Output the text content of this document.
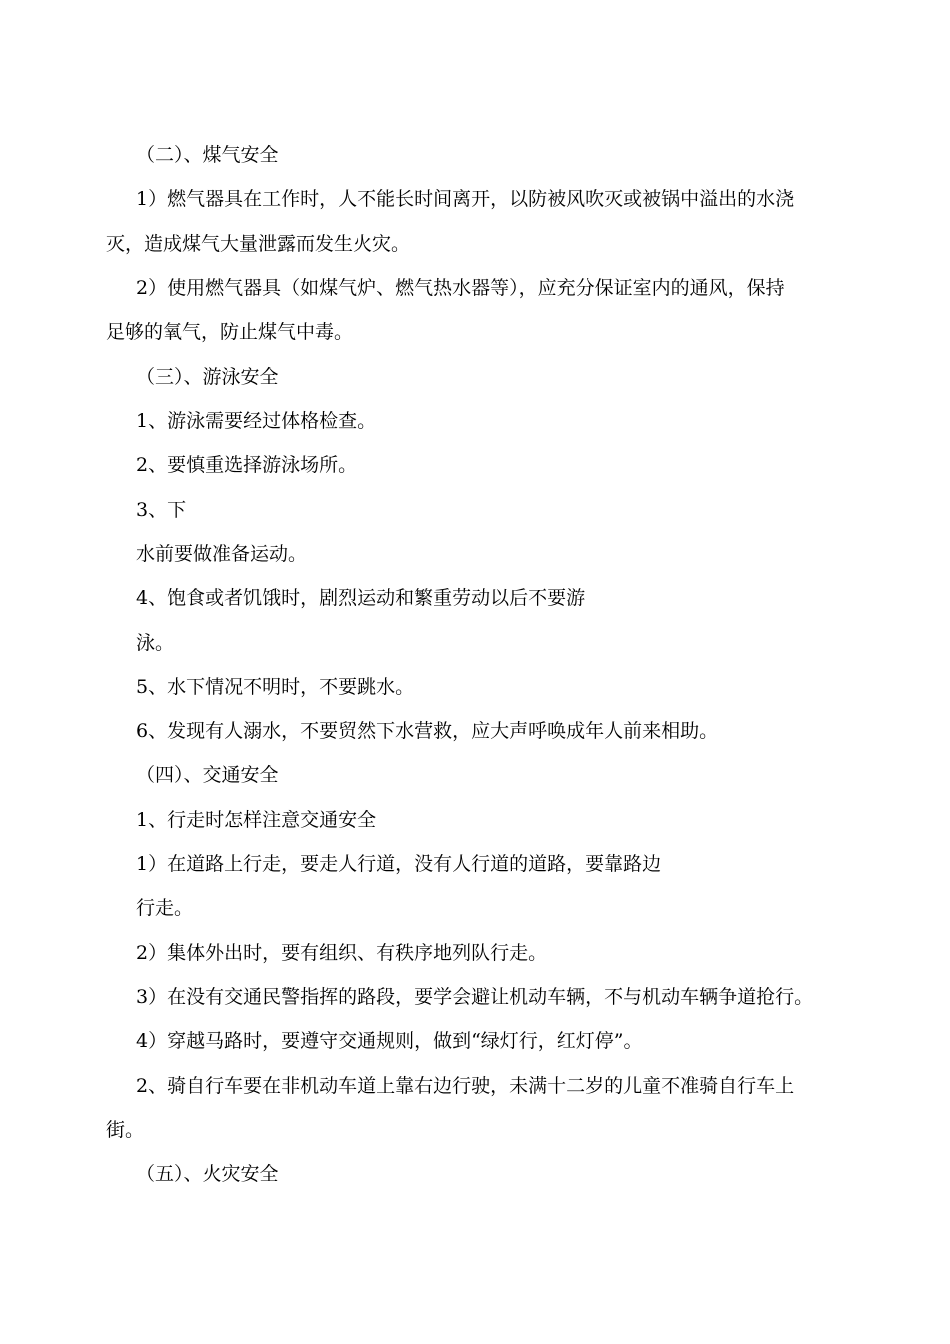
（二）、煤气安全
1）燃气器具在工作时，人不能长时间离开，以防被风吹灭或被锅中溢出的水浇
灭，造成煤气大量泄露而发生火灾。
2）使用燃气器具（如煤气炉、燃气热水器等），应充分保证室内的通风，保持
足够的氧气，防止煤气中毒。
（三）、游泳安全
1、游泳需要经过体格检查。
2、要慎重选择游泳场所。
3、下
水前要做准备运动。
4、饱食或者饥饿时，剧烈运动和繁重劳动以后不要游
泳。
5、水下情况不明时，不要跳水。
6、发现有人溺水，不要贸然下水营救，应大声呼唤成年人前来相助。
（四）、交通安全
1、行走时怎样注意交通安全
1）在道路上行走，要走人行道，没有人行道的道路，要靠路边
行走。
2）集体外出时，要有组织、有秩序地列队行走。
3）在没有交通民警指挥的路段，要学会避让机动车辆，不与机动车辆争道抢行。
4）穿越马路时，要遵守交通规则，做到“绿灯行，红灯停”。
2、骑自行车要在非机动车道上靠右边行驶，未满十二岁的儿童不准骑自行车上
街。
（五）、火灾安全
